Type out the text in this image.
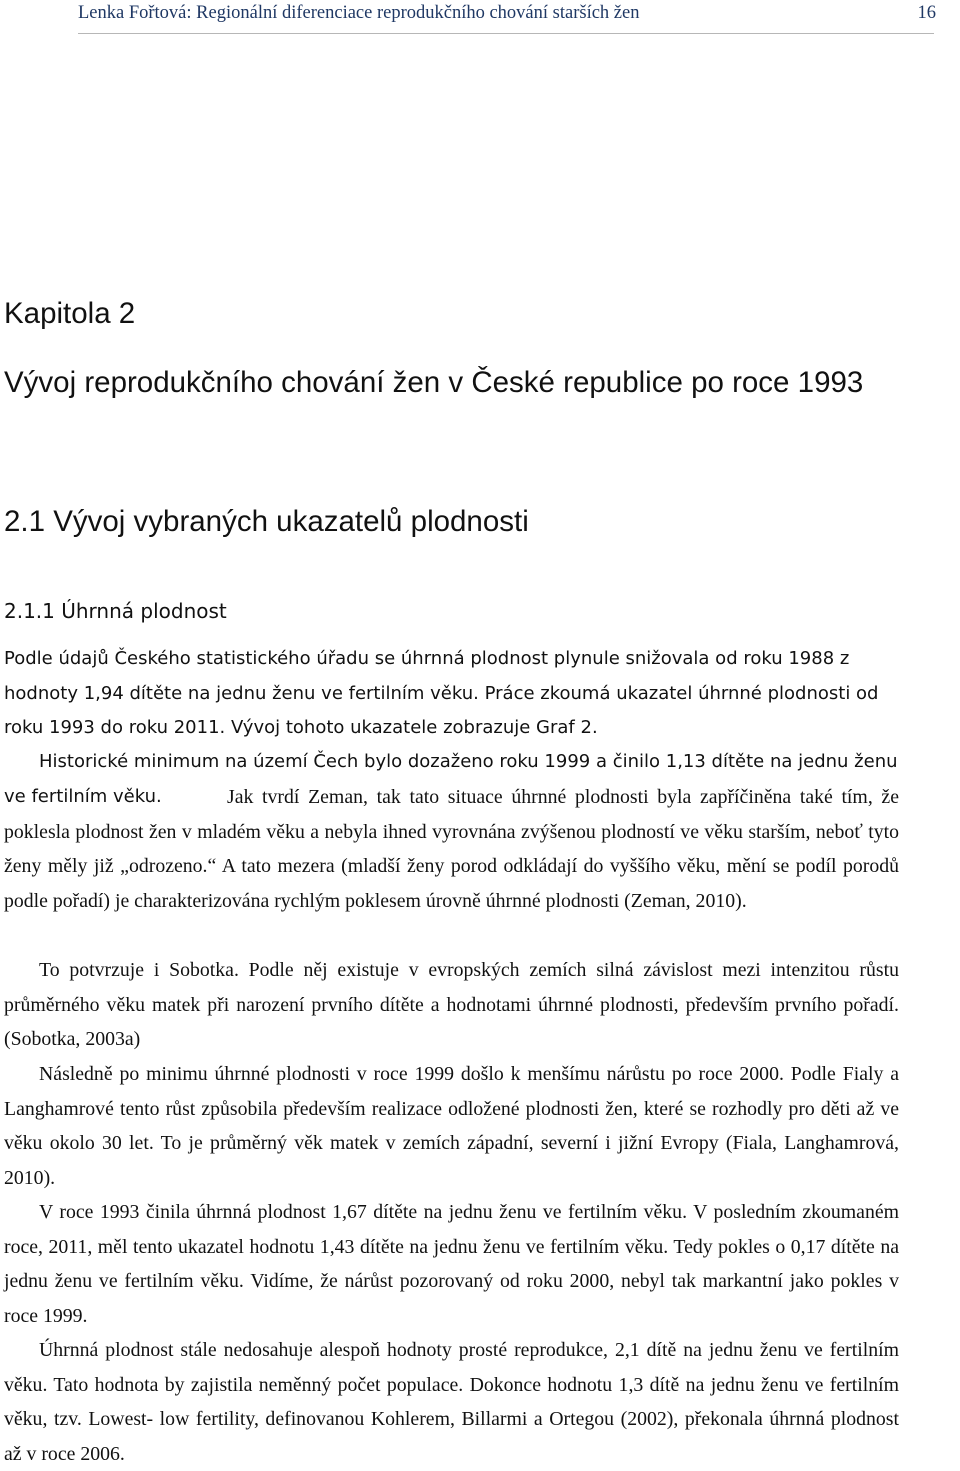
Lenka Fořtová: Regionální diferenciace reprodukčního chování starších žen	16
Kapitola 2
Vývoj reprodukčního chování žen v České republice po roce 1993
2.1 Vývoj vybraných ukazatelů plodnosti
2.1.1 Úhrnná plodnost

Podle údajů Českého statistického úřadu se úhrnná plodnost plynule snižovala od roku 1988 z hodnoty 1,94 dítěte na jednu ženu ve fertilním věku. Práce zkoumá ukazatel úhrnné plodnosti od roku 1993 do roku 2011. Vývoj tohoto ukazatele zobrazuje Graf 2.

Historické minimum na území Čech bylo dozaženo roku 1999 a činilo 1,13 dítěte na jednu ženu ve fertilním věku.	Jak tvrdí Zeman, tak tato situace úhrnné plodnosti byla zapříčiněna také tím, že poklesla plodnost žen v mladém věku a nebyla ihned vyrovnána zvýšenou plodností ve věku starším, neboť tyto ženy měly již „odrozeno.“ A tato mezera (mladší ženy porod odkládají do vyššího věku, mění se podíl porodů podle pořadí) je charakterizována rychlým poklesem úrovně úhrnné plodnosti (Zeman, 2010).

To potvrzuje i Sobotka. Podle něj existuje v evropských zemích silná závislost mezi intenzitou růstu průměrného věku matek při narození prvního dítěte a hodnotami úhrnné plodnosti, především prvního pořadí. (Sobotka, 2003a)

Následně po minimu úhrnné plodnosti v roce 1999 došlo k menšímu nárůstu po roce 2000. Podle Fialy a Langhamrové tento růst způsobila především realizace odložené plodnosti žen, které se rozhodly pro děti až ve věku okolo 30 let. To je průměrný věk matek v zemích západní, severní i jižní Evropy (Fiala, Langhamrová, 2010).

V roce 1993 činila úhrnná plodnost 1,67 dítěte na jednu ženu ve fertilním věku. V posledním zkoumaném roce, 2011, měl tento ukazatel hodnotu 1,43 dítěte na jednu ženu ve fertilním věku. Tedy pokles o 0,17 dítěte na jednu ženu ve fertilním věku. Vidíme, že nárůst pozorovaný od roku 2000, nebyl tak markantní jako pokles v roce 1999.

Úhrnná plodnost stále nedosahuje alespoň hodnoty prosté reprodukce, 2,1 dítě na jednu ženu ve fertilním věku. Tato hodnota by zajistila neměnný počet populace. Dokonce hodnotu 1,3 dítě na jednu ženu ve fertilním věku, tzv. Lowest- low fertility, definovanou Kohlerem, Billarmi a Ortegou (2002), překonala úhrnná plodnost až v roce 2006.
